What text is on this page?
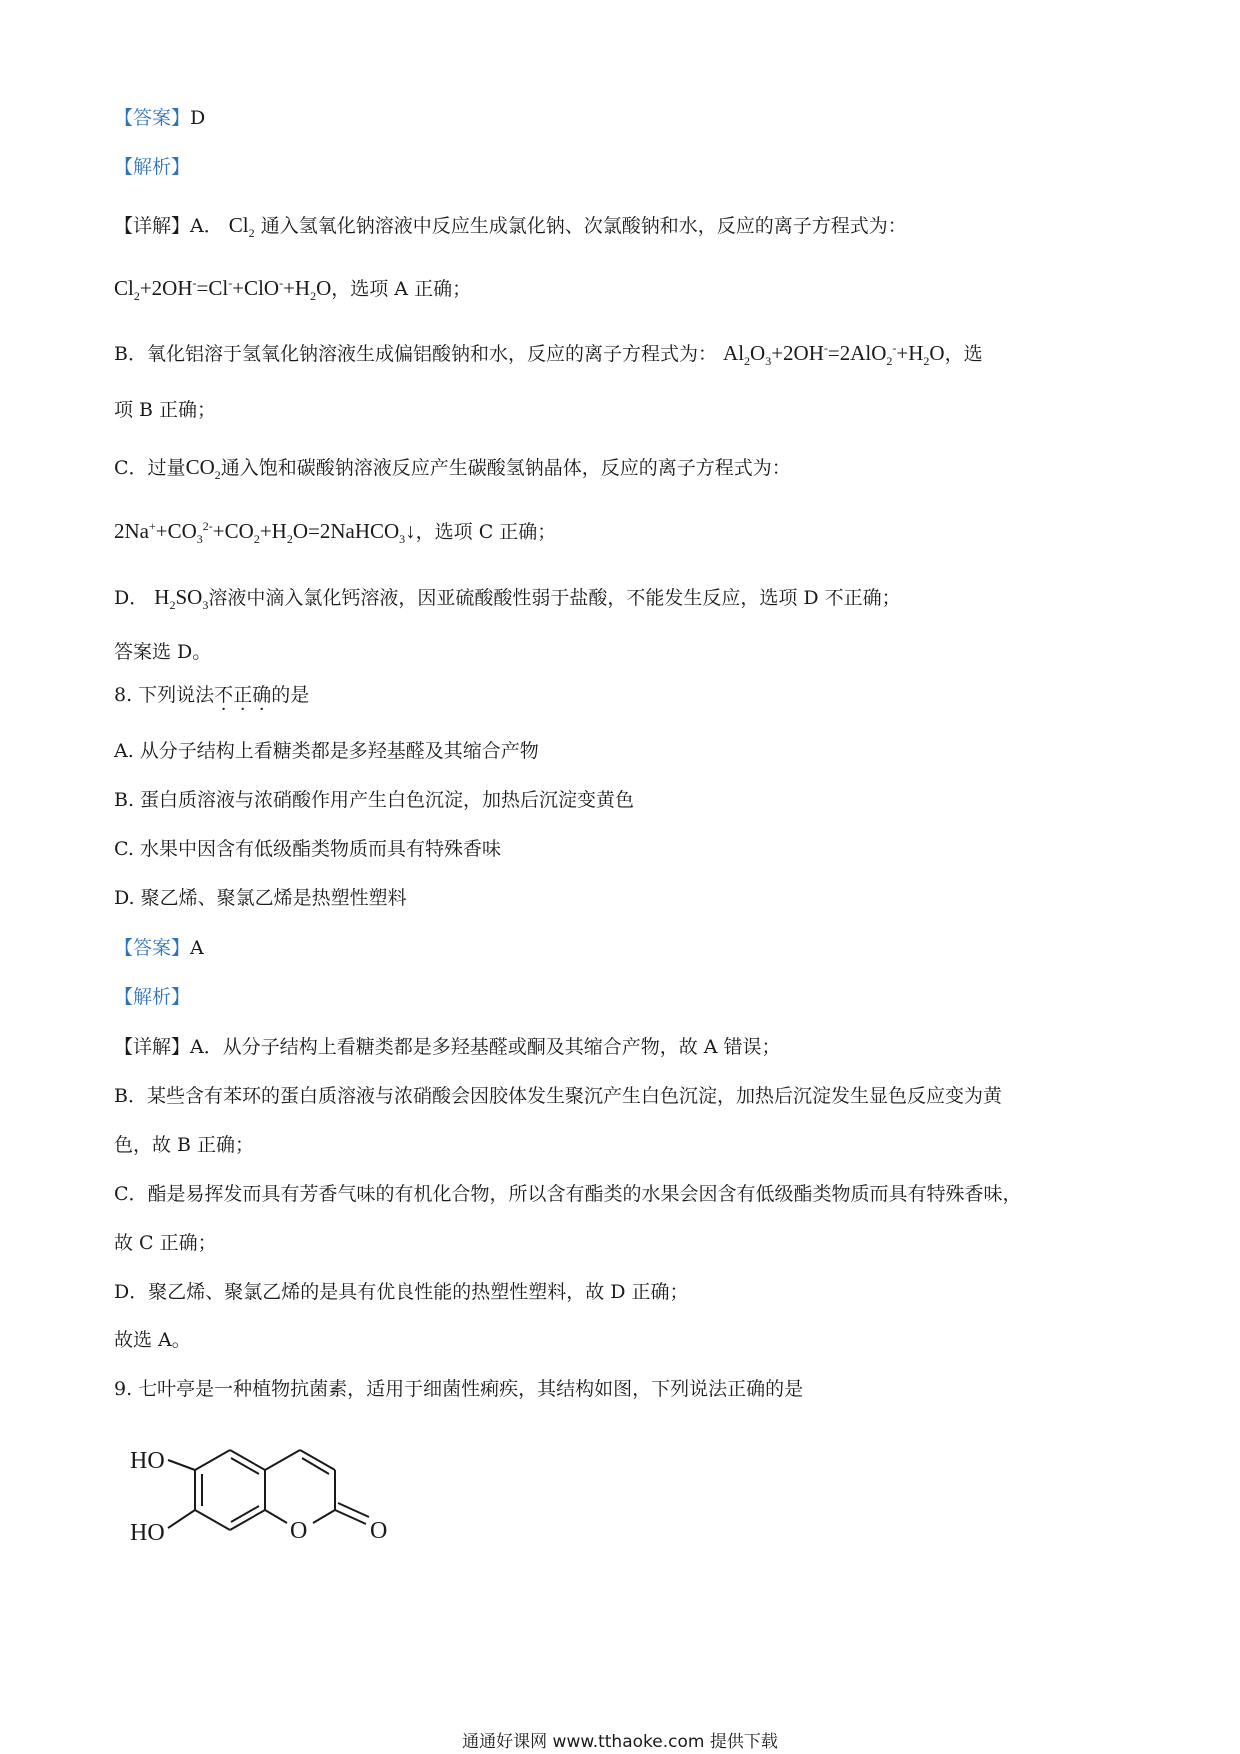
【答案】D
【解析】
【详解】A． $Cl_2$ 通入氢氧化钠溶液中反应生成氯化钠、次氯酸钠和水，反应的离子方程式为：
$Cl_2+2OH^-=Cl^-+ClO^-+H_2O$，选项 A 正确；
B．氧化铝溶于氢氧化钠溶液生成偏铝酸钠和水，反应的离子方程式为： $Al_2O_3+2OH^-=2AlO_2^-+H_2O$，选
项 B 正确；
C．过量$CO_2$通入饱和碳酸钠溶液反应产生碳酸氢钠晶体，反应的离子方程式为：
$2Na^++CO_3^{2-}+CO_2+H_2O=2NaHCO_3↓$，选项 C 正确；
D． $H_2SO_3$溶液中滴入氯化钙溶液，因亚硫酸酸性弱于盐酸，不能发生反应，选项 D 不正确；
答案选 D。
8. 下列说法不正确的是
A. 从分子结构上看糖类都是多羟基醛及其缩合产物
B. 蛋白质溶液与浓硝酸作用产生白色沉淀，加热后沉淀变黄色
C. 水果中因含有低级酯类物质而具有特殊香味
D. 聚乙烯、聚氯乙烯是热塑性塑料
【答案】A
【解析】
【详解】A．从分子结构上看糖类都是多羟基醛或酮及其缩合产物，故 A 错误；
B．某些含有苯环的蛋白质溶液与浓硝酸会因胶体发生聚沉产生白色沉淀，加热后沉淀发生显色反应变为黄
色，故 B 正确；
C．酯是易挥发而具有芳香气味的有机化合物，所以含有酯类的水果会因含有低级酯类物质而具有特殊香味，
故 C 正确；
D．聚乙烯、聚氯乙烯的是具有优良性能的热塑性塑料，故 D 正确；
故选 A。
9. 七叶亭是一种植物抗菌素，适用于细菌性痢疾，其结构如图，下列说法正确的是
HO
HO	O	O
通通好课网 www.tthaoke.com 提供下载
